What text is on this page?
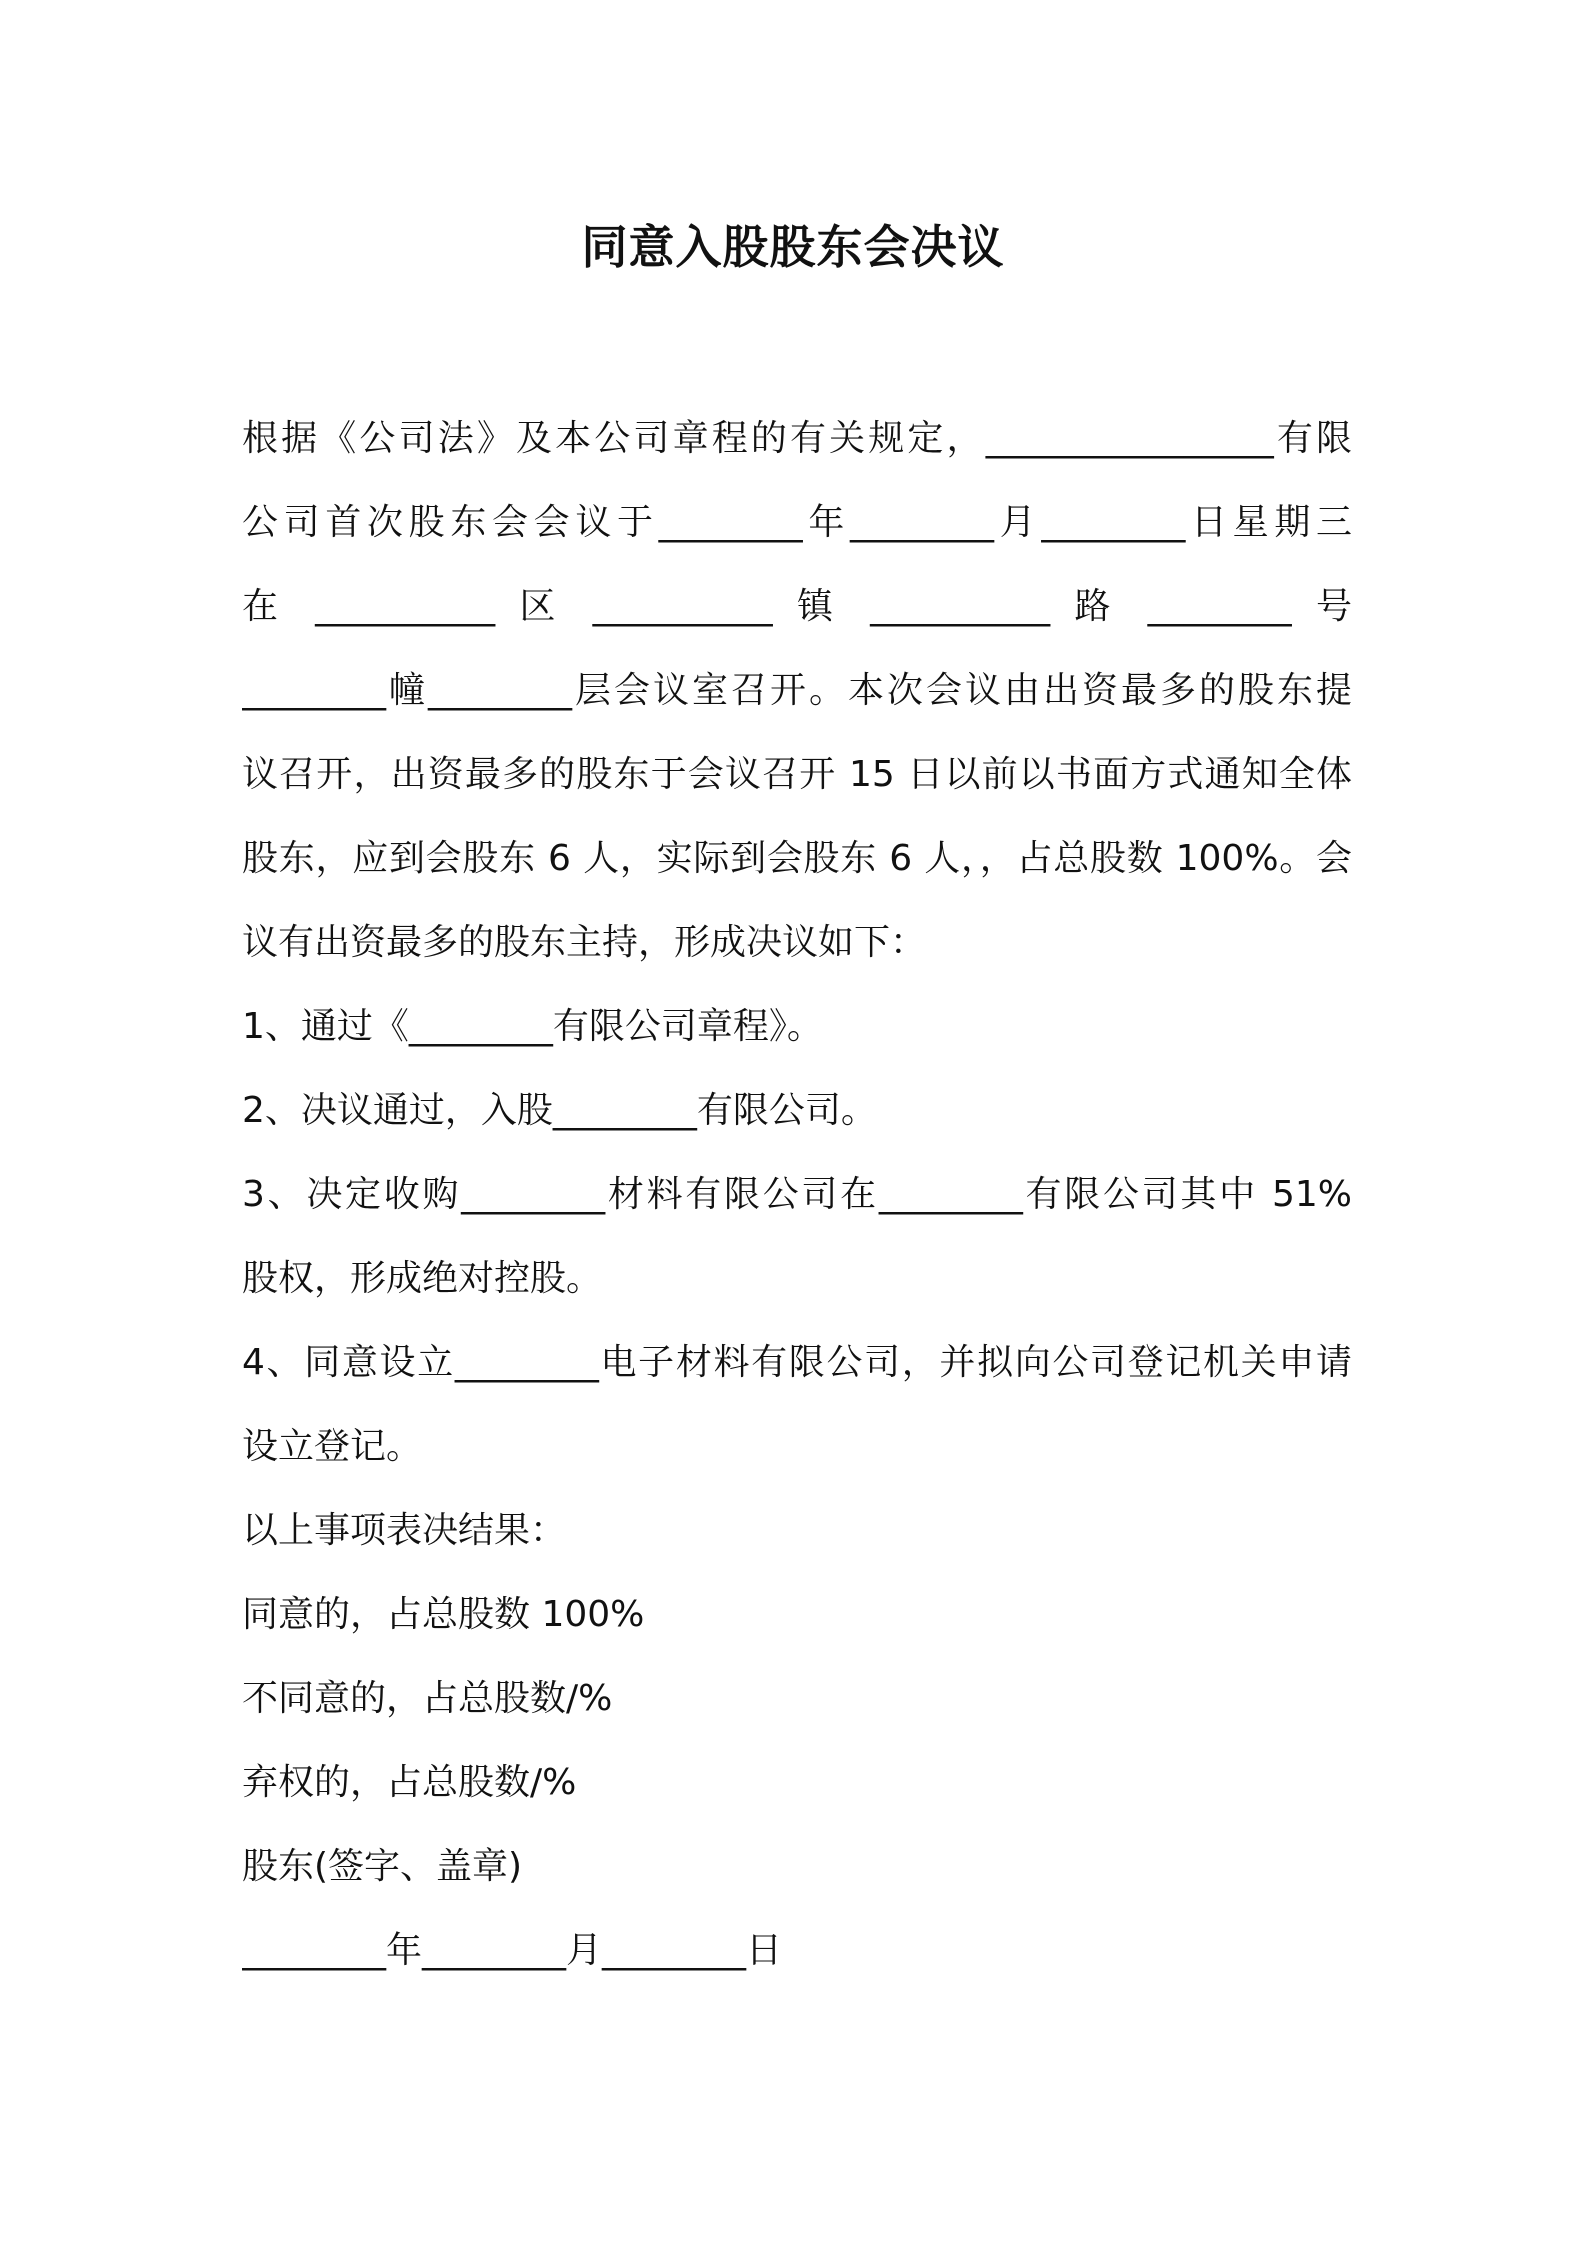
同意入股股东会决议
根据《公司法》及本公司章程的有关规定，________________有限
公司首次股东会会议于________年________月________日星期三
在 __________ 区 __________ 镇 __________ 路 ________ 号
________幢________层会议室召开。本次会议由出资最多的股东提
议召开，出资最多的股东于会议召开 15 日以前以书面方式通知全体
股东，应到会股东 6 人，实际到会股东 6 人，，占总股数 100%。会
议有出资最多的股东主持，形成决议如下：
1、通过《________有限公司章程》。
2、决议通过，入股________有限公司。
3、决定收购________材料有限公司在________有限公司其中 51%
股权，形成绝对控股。
4、同意设立________电子材料有限公司，并拟向公司登记机关申请
设立登记。
以上事项表决结果：
同意的，占总股数 100%
不同意的，占总股数/%
弃权的，占总股数/%
股东(签字、盖章)
________年________月________日
